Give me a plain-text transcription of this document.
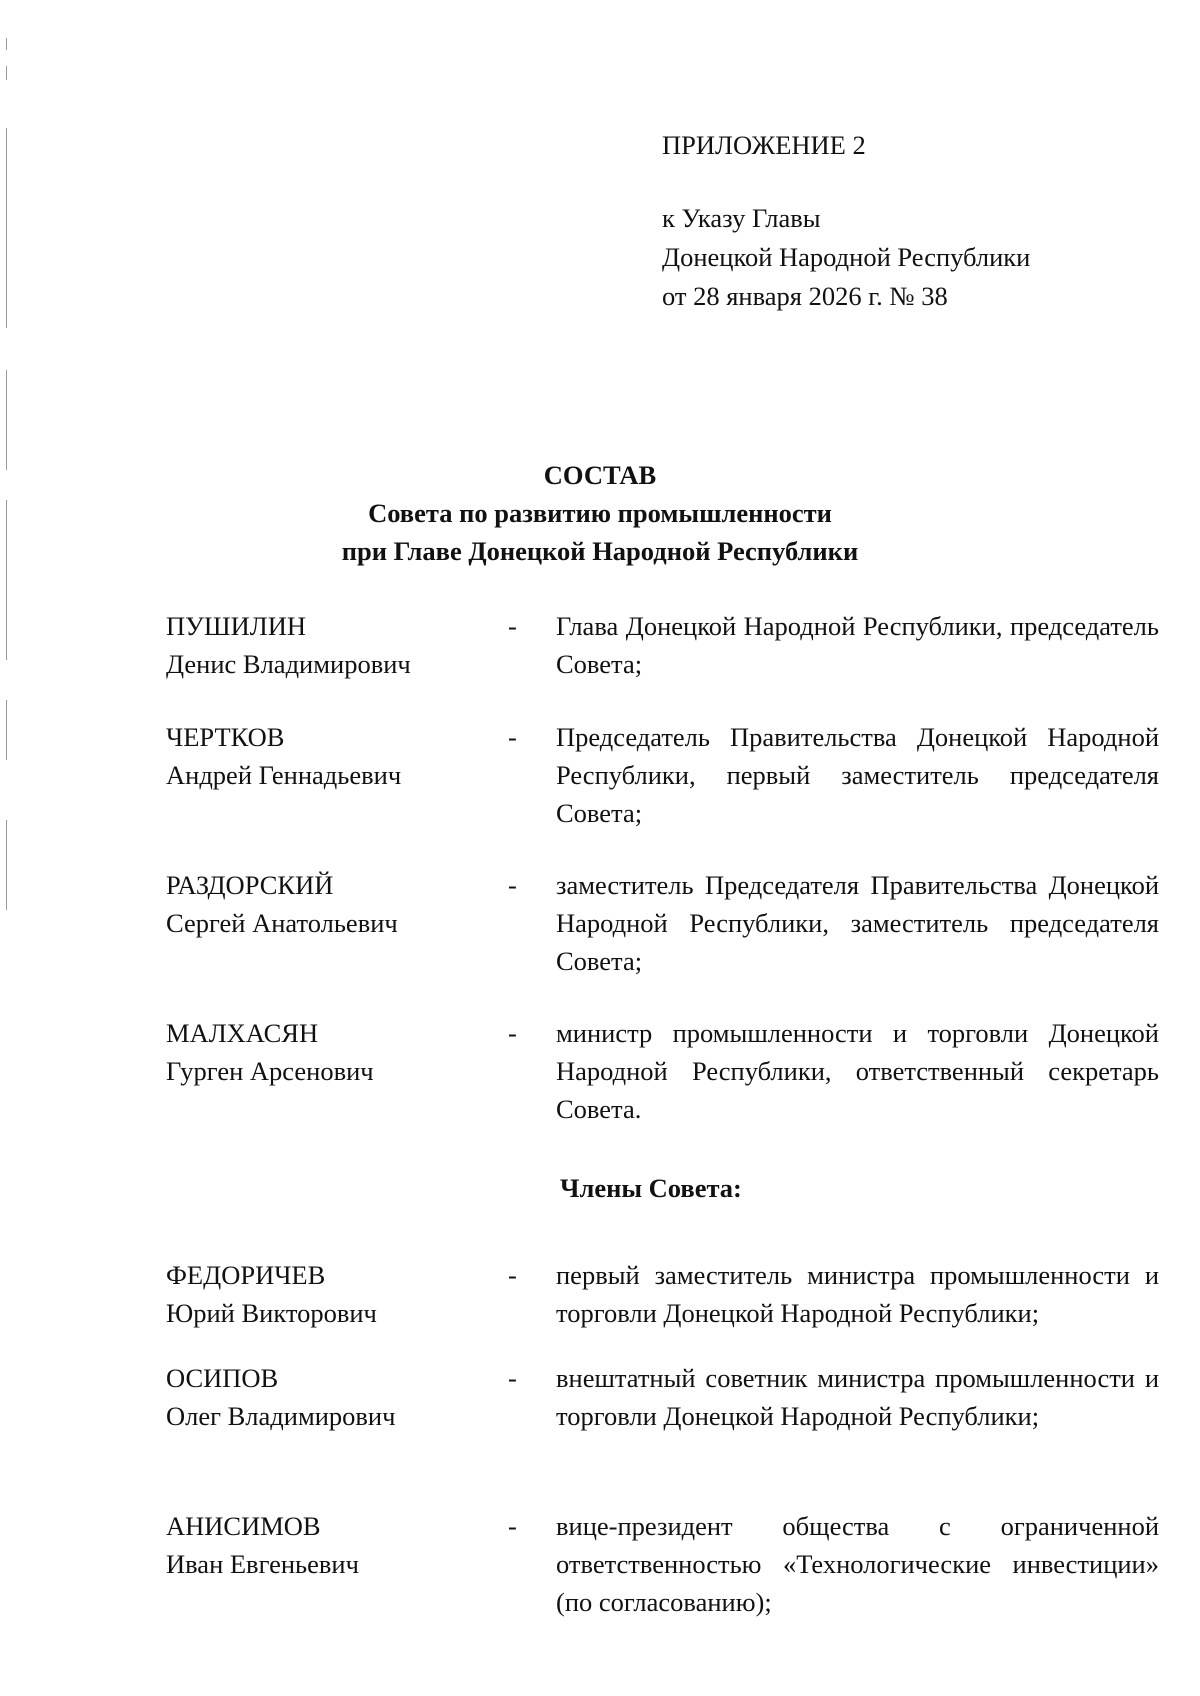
ПРИЛОЖЕНИЕ 2
к Указу Главы
Донецкой Народной Республики
от 28 января 2026 г. № 38
СОСТАВ
Совета по развитию промышленности
при Главе Донецкой Народной Республики
ПУШИЛИН
Денис Владимирович
- Глава Донецкой Народной Республики, председатель Совета;
ЧЕРТКОВ
Андрей Геннадьевич
- Председатель Правительства Донецкой Народной Республики, первый заместитель председателя Совета;
РАЗДОРСКИЙ
Сергей Анатольевич
- заместитель Председателя Правительства Донецкой Народной Республики, заместитель председателя Совета;
МАЛХАСЯН
Гурген Арсенович
- министр промышленности и торговли Донецкой Народной Республики, ответственный секретарь Совета.
Члены Совета:
ФЕДОРИЧЕВ
Юрий Викторович
- первый заместитель министра промышленности и торговли Донецкой Народной Республики;
ОСИПОВ
Олег Владимирович
- внештатный советник министра промышленности и торговли Донецкой Народной Республики;
АНИСИМОВ
Иван Евгеньевич
- вице-президент общества с ограниченной ответственностью «Технологические инвестиции» (по согласованию);
